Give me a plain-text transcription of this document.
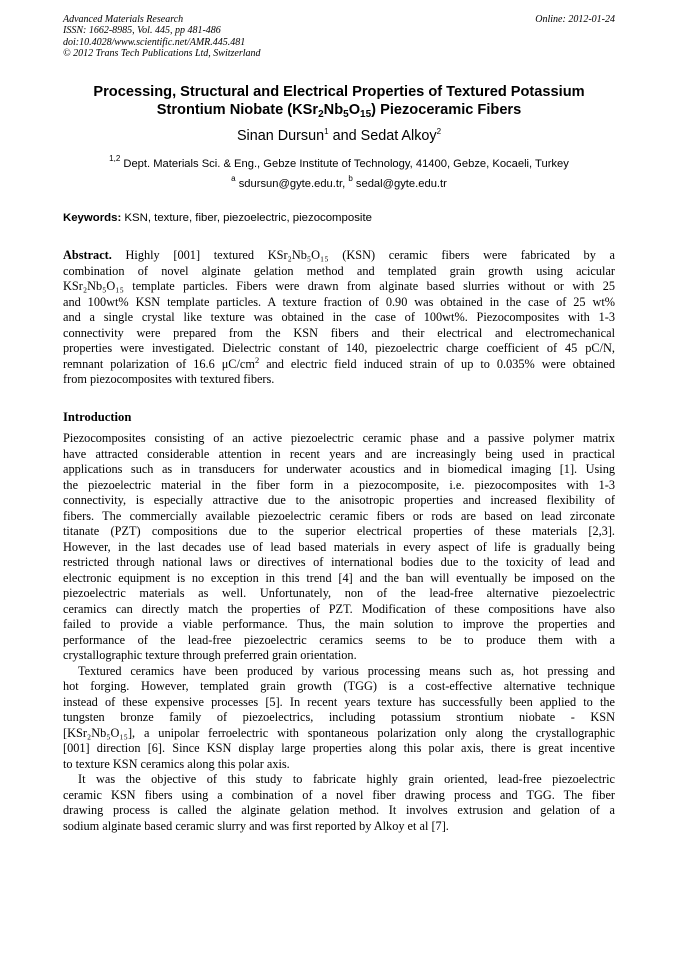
Advanced Materials Research
ISSN: 1662-8985, Vol. 445, pp 481-486
doi:10.4028/www.scientific.net/AMR.445.481
© 2012 Trans Tech Publications Ltd, Switzerland
Online: 2012-01-24
Processing, Structural and Electrical Properties of Textured Potassium
Strontium Niobate $(KSr_2Nb_5O_{15})$ Piezoceramic Fibers
Sinan Dursun$^1$ and Sedat Alkoy$^2$
$^{1,2}$ Dept. Materials Sci. & Eng., Gebze Institute of Technology, 41400, Gebze, Kocaeli, Turkey
$^a$ sdursun@gyte.edu.tr, $^b$ sedal@gyte.edu.tr
Keywords: KSN, texture, fiber, piezoelectric, piezocomposite
Abstract. Highly [001] textured KSr₂Nb₅O₁₅ (KSN) ceramic fibers were fabricated by a
combination of novel alginate gelation method and templated grain growth using acicular
KSr₂Nb₅O₁₅ template particles. Fibers were drawn from alginate based slurries without or with 25
and 100wt% KSN template particles. A texture fraction of 0.90 was obtained in the case of 25 wt%
and a single crystal like texture was obtained in the case of 100wt%. Piezocomposites with 1-3
connectivity were prepared from the KSN fibers and their electrical and electromechanical
properties were investigated. Dielectric constant of 140, piezoelectric charge coefficient of 45 pC/N,
remnant polarization of 16.6 $\mu C/cm^2$ and electric field induced strain of up to 0.035% were obtained
from piezocomposites with textured fibers.
Introduction
Piezocomposites consisting of an active piezoelectric ceramic phase and a passive polymer matrix
have attracted considerable attention in recent years and are increasingly being used in practical
applications such as in transducers for underwater acoustics and in biomedical imaging [1]. Using
the piezoelectric material in the fiber form in a piezocomposite, i.e. piezocomposites with 1-3
connectivity, is especially attractive due to the anisotropic properties and increased flexibility of
fibers. The commercially available piezoelectric ceramic fibers or rods are based on lead zirconate
titanate (PZT) compositions due to the superior electrical properties of these materials [2,3].
However, in the last decades use of lead based materials in every aspect of life is gradually being
restricted through national laws or directives of international bodies due to the toxicity of lead and
electronic equipment is no exception in this trend [4] and the ban will eventually be imposed on the
piezoelectric materials as well. Unfortunately, non of the lead-free alternative piezoelectric
ceramics can directly match the properties of PZT. Modification of these compositions have also
failed to provide a viable performance. Thus, the main solution to improve the properties and
performance of the lead-free piezoelectric ceramics seems to be to produce them with a
crystallographic texture through preferred grain orientation.
Textured ceramics have been produced by various processing means such as, hot pressing and
hot forging. However, templated grain growth (TGG) is a cost-effective alternative technique
instead of these expensive processes [5]. In recent years texture has successfully been applied to the
tungsten bronze family of piezoelectrics, including potassium strontium niobate - KSN
[KSr₂Nb₅O₁₅], a unipolar ferroelectric with spontaneous polarization only along the crystallographic
[001] direction [6]. Since KSN display large properties along this polar axis, there is great incentive
to texture KSN ceramics along this polar axis.
It was the objective of this study to fabricate highly grain oriented, lead-free piezoelectric
ceramic KSN fibers using a combination of a novel fiber drawing process and TGG. The fiber
drawing process is called the alginate gelation method. It involves extrusion and gelation of a
sodium alginate based ceramic slurry and was first reported by Alkoy et al [7].
